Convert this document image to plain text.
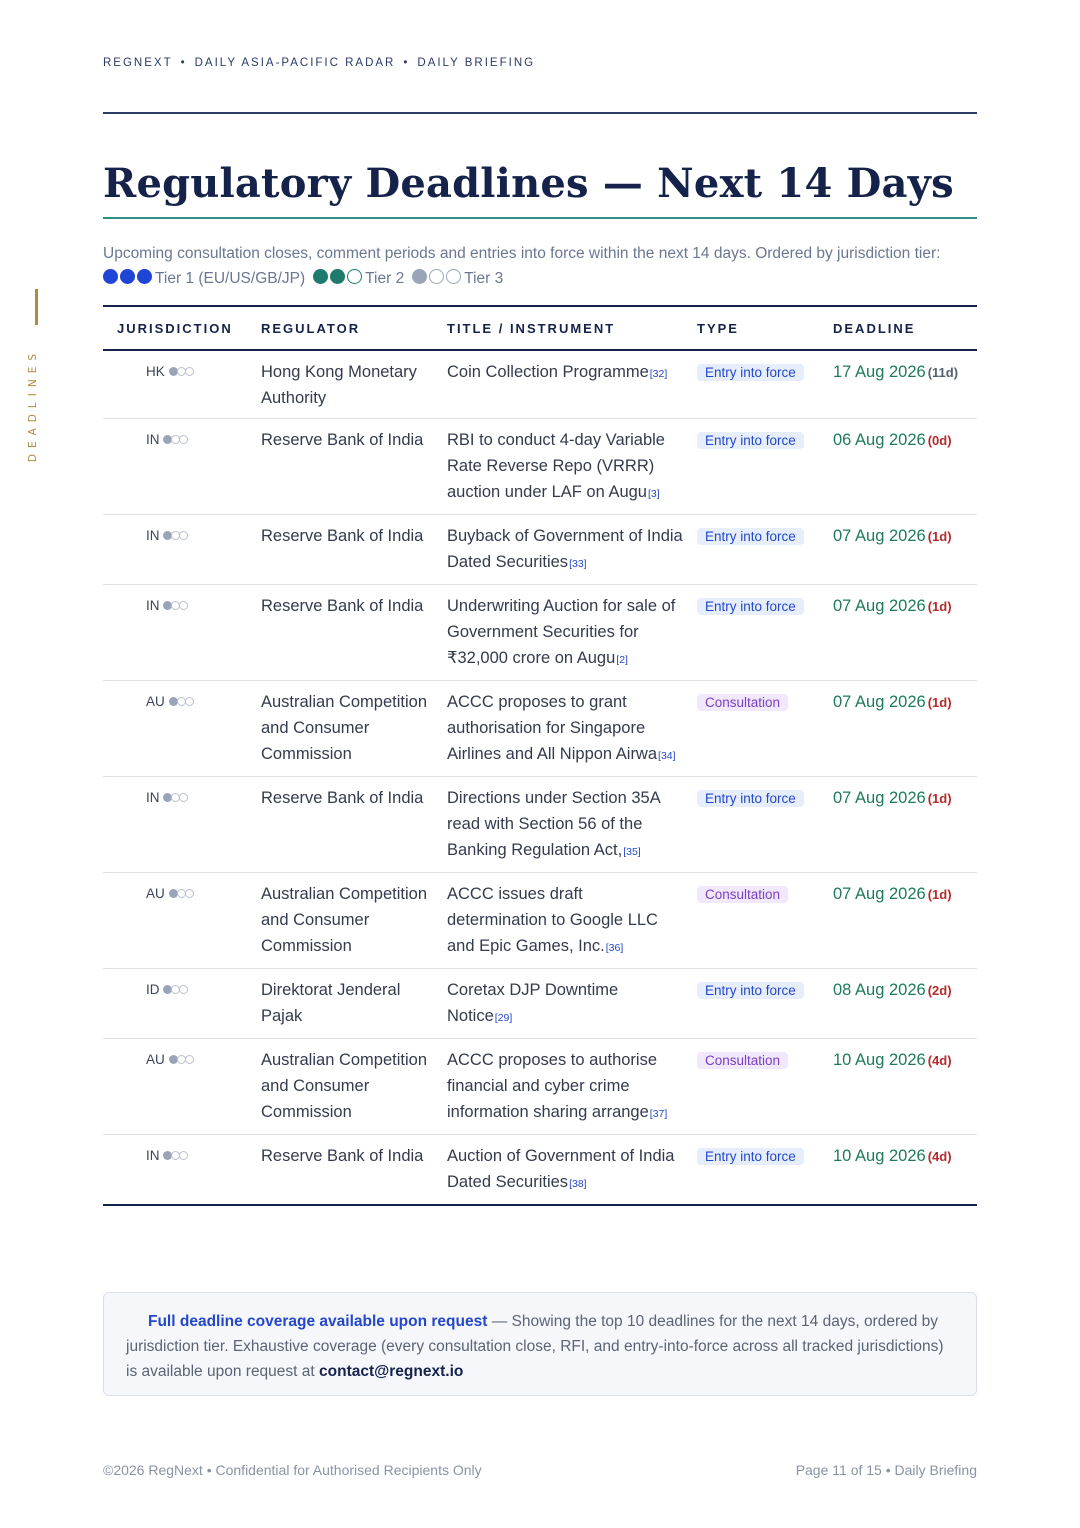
DEADLINES
REGNEXT • DAILY ASIA-PACIFIC RADAR • DAILY BRIEFING
Regulatory Deadlines — Next 14 Days
Upcoming consultation closes, comment periods and entries into force within the next 14 days. Ordered by jurisdiction tier:
Tier 1 (EU/US/GB/JP)	Tier 2	Tier 3
JURISDICTION	REGULATOR	TITLE / INSTRUMENT	TYPE	DEADLINE
HK	Hong Kong Monetary Authority	Coin Collection Programme[32]	Entry into force	17 Aug 2026 (11d)
IN	Reserve Bank of India	RBI to conduct 4-day Variable Rate Reverse Repo (VRRR) auction under LAF on Augu[3]	Entry into force	06 Aug 2026 (0d)
IN	Reserve Bank of India	Buyback of Government of India Dated Securities[33]	Entry into force	07 Aug 2026 (1d)
IN	Reserve Bank of India	Underwriting Auction for sale of Government Securities for ₹32,000 crore on Augu[2]	Entry into force	07 Aug 2026 (1d)
AU	Australian Competition and Consumer Commission	ACCC proposes to grant authorisation for Singapore Airlines and All Nippon Airwa[34]	Consultation	07 Aug 2026 (1d)
IN	Reserve Bank of India	Directions under Section 35A read with Section 56 of the Banking Regulation Act,[35]	Entry into force	07 Aug 2026 (1d)
AU	Australian Competition and Consumer Commission	ACCC issues draft determination to Google LLC and Epic Games, Inc.[36]	Consultation	07 Aug 2026 (1d)
ID	Direktorat Jenderal Pajak	Coretax DJP Downtime Notice[29]	Entry into force	08 Aug 2026 (2d)
AU	Australian Competition and Consumer Commission	ACCC proposes to authorise financial and cyber crime information sharing arrange[37]	Consultation	10 Aug 2026 (4d)
IN	Reserve Bank of India	Auction of Government of India Dated Securities[38]	Entry into force	10 Aug 2026 (4d)
Full deadline coverage available upon request — Showing the top 10 deadlines for the next 14 days, ordered by jurisdiction tier. Exhaustive coverage (every consultation close, RFI, and entry-into-force across all tracked jurisdictions) is available upon request at contact@regnext.io
©2026 RegNext • Confidential for Authorised Recipients Only	Page 11 of 15 • Daily Briefing
